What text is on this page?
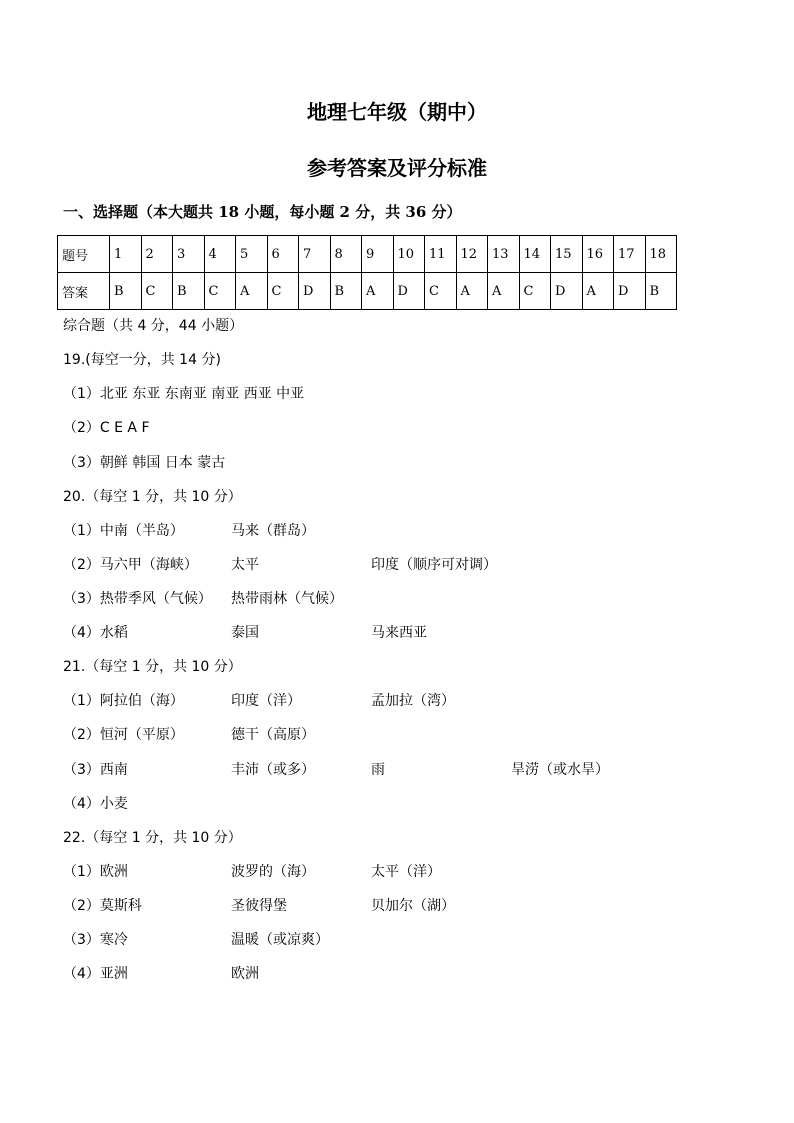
地理七年级（期中）
参考答案及评分标准
一、选择题（本大题共 18 小题，每小题 2 分，共 36 分）
题号	1	2	3	4	5	6	7	8	9	10	11	12	13	14	15	16	17	18
答案	B	C	B	C	A	C	D	B	A	D	C	A	A	C	D	A	D	B
综合题（共 4 分，44 小题）
19.(每空一分，共 14 分)
（1）北亚 东亚 东南亚 南亚 西亚 中亚
（2）C E A F
（3）朝鲜 韩国 日本 蒙古
20.（每空 1 分，共 10 分）
（1）中南（半岛）	马来（群岛）
（2）马六甲（海峡） 太平	印度（顺序可对调）
（3）热带季风（气候） 热带雨林（气候）
（4）水稻	泰国	马来西亚
21.（每空 1 分，共 10 分）
（1）阿拉伯（海）	印度（洋）	孟加拉（湾）
（2）恒河（平原）	德干（高原）
（3）西南	丰沛（或多）	雨	旱涝（或水旱）
（4）小麦
22.（每空 1 分，共 10 分）
（1）欧洲	波罗的（海）	太平（洋）
（2）莫斯科	圣彼得堡	贝加尔（湖）
（3）寒冷	温暖（或凉爽）
（4）亚洲	欧洲
